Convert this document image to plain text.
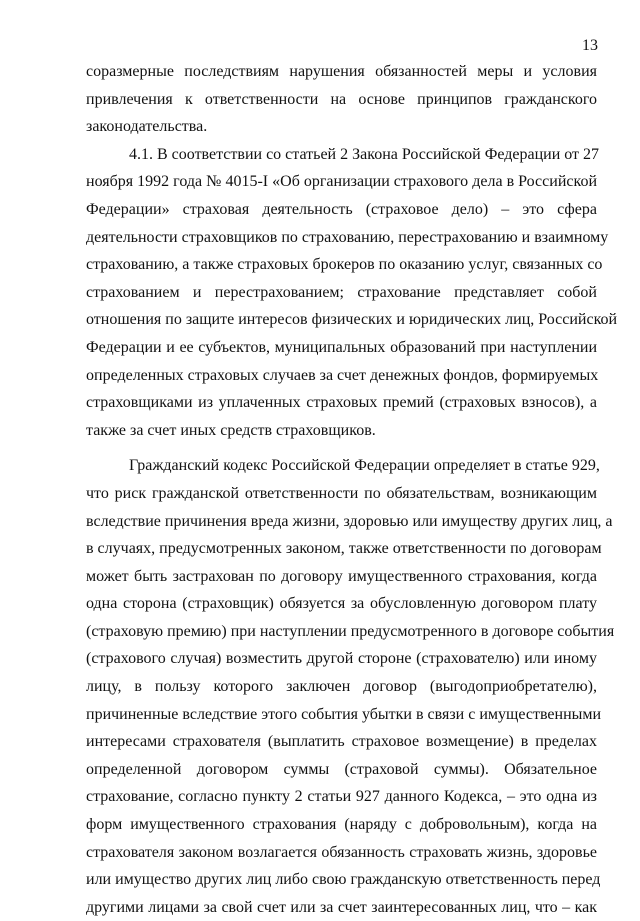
13
соразмерные последствиям нарушения обязанностей меры и условия
привлечения к ответственности на основе принципов гражданского
законодательства.
4.1. В соответствии со статьей 2 Закона Российской Федерации от 27
ноября 1992 года № 4015-I «Об организации страхового дела в Российской
Федерации» страховая деятельность (страховое дело) – это сфера
деятельности страховщиков по страхованию, перестрахованию и взаимному
страхованию, а также страховых брокеров по оказанию услуг, связанных со
страхованием и перестрахованием; страхование представляет собой
отношения по защите интересов физических и юридических лиц, Российской
Федерации и ее субъектов, муниципальных образований при наступлении
определенных страховых случаев за счет денежных фондов, формируемых
страховщиками из уплаченных страховых премий (страховых взносов), а
также за счет иных средств страховщиков.
Гражданский кодекс Российской Федерации определяет в статье 929,
что риск гражданской ответственности по обязательствам, возникающим
вследствие причинения вреда жизни, здоровью или имуществу других лиц, а
в случаях, предусмотренных законом, также ответственности по договорам
может быть застрахован по договору имущественного страхования, когда
одна сторона (страховщик) обязуется за обусловленную договором плату
(страховую премию) при наступлении предусмотренного в договоре события
(страхового случая) возместить другой стороне (страхователю) или иному
лицу, в пользу которого заключен договор (выгодоприобретателю),
причиненные вследствие этого события убытки в связи с имущественными
интересами страхователя (выплатить страховое возмещение) в пределах
определенной договором суммы (страховой суммы). Обязательное
страхование, согласно пункту 2 статьи 927 данного Кодекса, – это одна из
форм имущественного страхования (наряду с добровольным), когда на
страхователя законом возлагается обязанность страховать жизнь, здоровье
или имущество других лиц либо свою гражданскую ответственность перед
другими лицами за свой счет или за счет заинтересованных лиц, что – как
